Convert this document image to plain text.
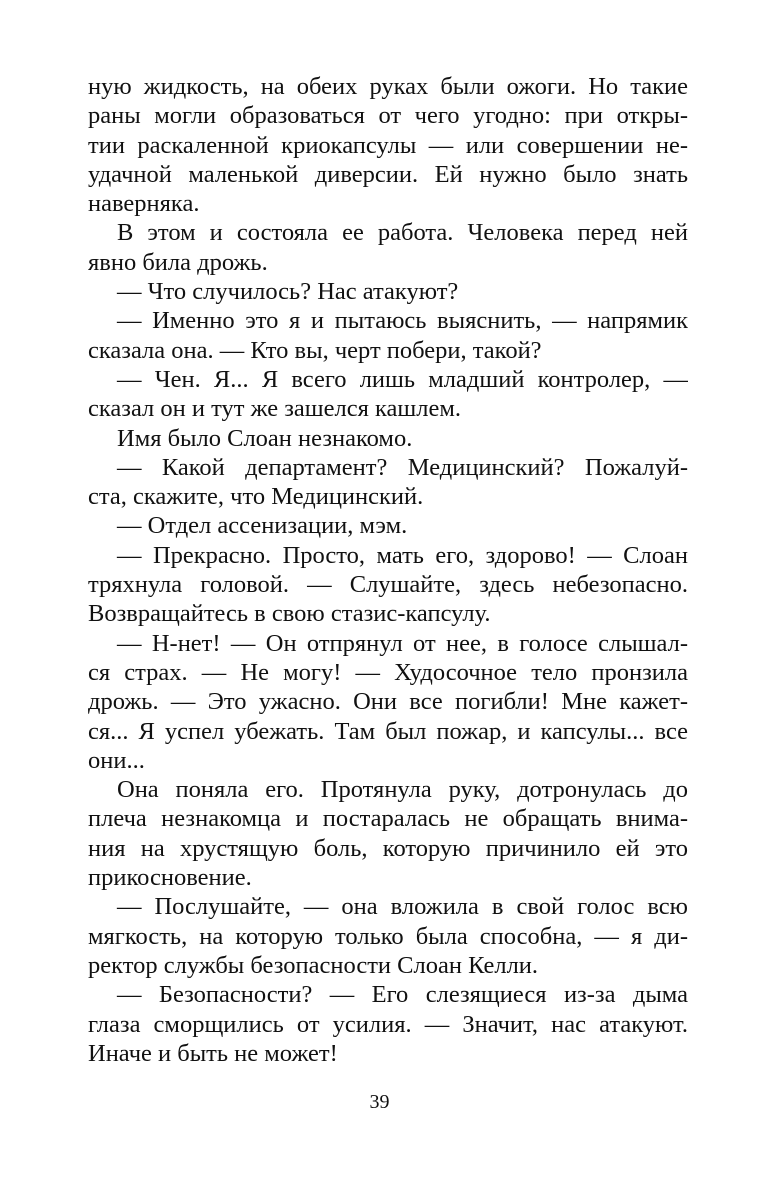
ную жидкость, на обеих руках были ожоги. Но такие
раны могли образоваться от чего угодно: при откры-
тии раскаленной криокапсулы — или совершении не-
удачной маленькой диверсии. Ей нужно было знать
наверняка.
В этом и состояла ее работа. Человека перед ней
явно била дрожь.
— Что случилось? Нас атакуют?
— Именно это я и пытаюсь выяснить, — напрямик
сказала она. — Кто вы, черт побери, такой?
— Чен. Я... Я всего лишь младший контролер, —
сказал он и тут же зашелся кашлем.
Имя было Слоан незнакомо.
— Какой департамент? Медицинский? Пожалуй-
ста, скажите, что Медицинский.
— Отдел ассенизации, мэм.
— Прекрасно. Просто, мать его, здорово! — Слоан
тряхнула головой. — Слушайте, здесь небезопасно.
Возвращайтесь в свою стазис-капсулу.
— Н-нет! — Он отпрянул от нее, в голосе слышал-
ся страх. — Не могу! — Худосочное тело пронзила
дрожь. — Это ужасно. Они все погибли! Мне кажет-
ся... Я успел убежать. Там был пожар, и капсулы... все
они...
Она поняла его. Протянула руку, дотронулась до
плеча незнакомца и постаралась не обращать внима-
ния на хрустящую боль, которую причинило ей это
прикосновение.
— Послушайте, — она вложила в свой голос всю
мягкость, на которую только была способна, — я ди-
ректор службы безопасности Слоан Келли.
— Безопасности? — Его слезящиеся из-за дыма
глаза сморщились от усилия. — Значит, нас атакуют.
Иначе и быть не может!
39
